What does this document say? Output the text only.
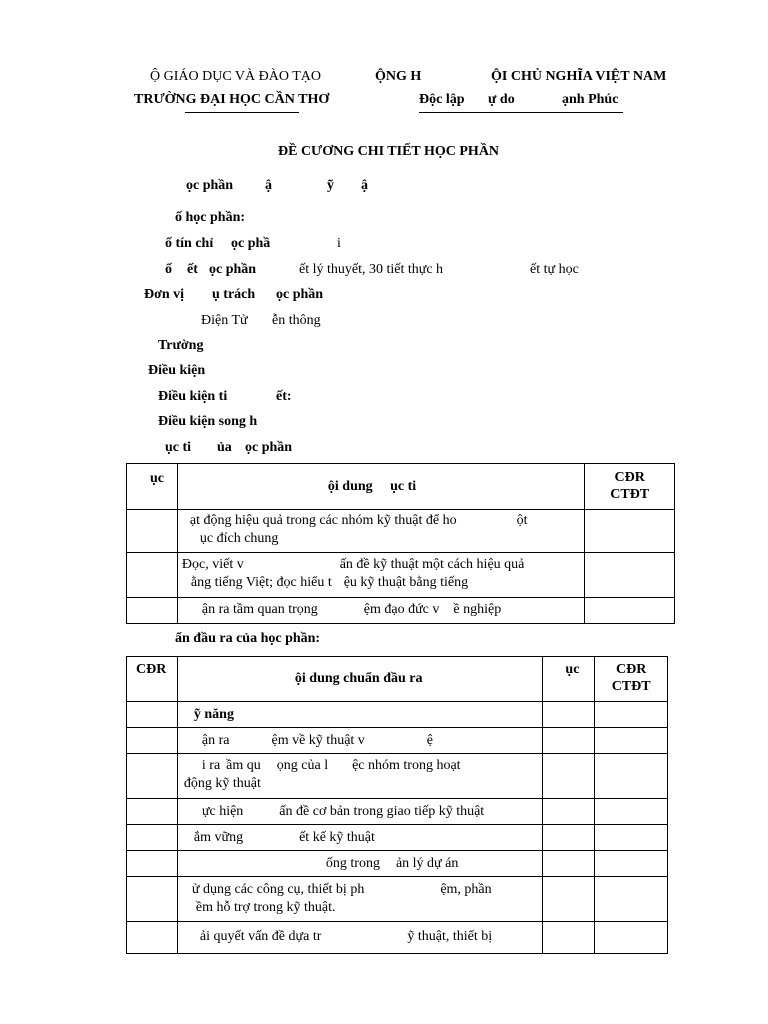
Ộ GIÁO DỤC VÀ ĐÀO TẠO	ỘNG H	ỘI CHỦ NGHĨA VIỆT NAM
TRƯỜNG ĐẠI HỌC CẦN THƠ	Độc lập ự do	ạnh Phúc
ĐỀ CƯƠNG CHI TIẾT HỌC PHẦN
ọc phần ậ	ỹ ậ
ố học phần:
ố tín chỉ ọc phầ	i
ố ết ọc phần	ết lý thuyết, 30 tiết thực h	ết tự học
Đơn vị ụ trách ọc phần
Điện Tử ễn thông
Trường
Điều kiện
Điều kiện ti	ết:
Điều kiện song h
ục ti ủa ọc phần
ục	ội dung ục ti	CĐR
CTĐT

	ạt động hiệu quả trong các nhóm kỹ thuật để ho ột
ục đích chung	

	Đọc, viết v ấn đề kỹ thuật một cách hiệu quả
ằng tiếng Việt; đọc hiểu t ệu kỹ thuật bằng tiếng	

	ận ra tầm quan trọng ệm đạo đức v ề nghiệp	
ẩn đầu ra của học phần:
CĐR	ội dung chuẩn đầu ra	ục	CĐR
CTĐT

	ỹ năng		
	ận ra ệm về kỹ thuật v ệ		

	i ra ầm qu ọng của l ệc nhóm trong hoạt
động kỹ thuật		

	ực hiện ấn đề cơ bản trong giao tiếp kỹ thuật		
	ắm vững ết kế kỹ thuật		
	ống trong ản lý dự án		

	ử dụng các công cụ, thiết bị ph ệm, phần
ềm hỗ trợ trong kỹ thuật.		

	ải quyết vấn đề dựa tr ỹ thuật, thiết bị		
